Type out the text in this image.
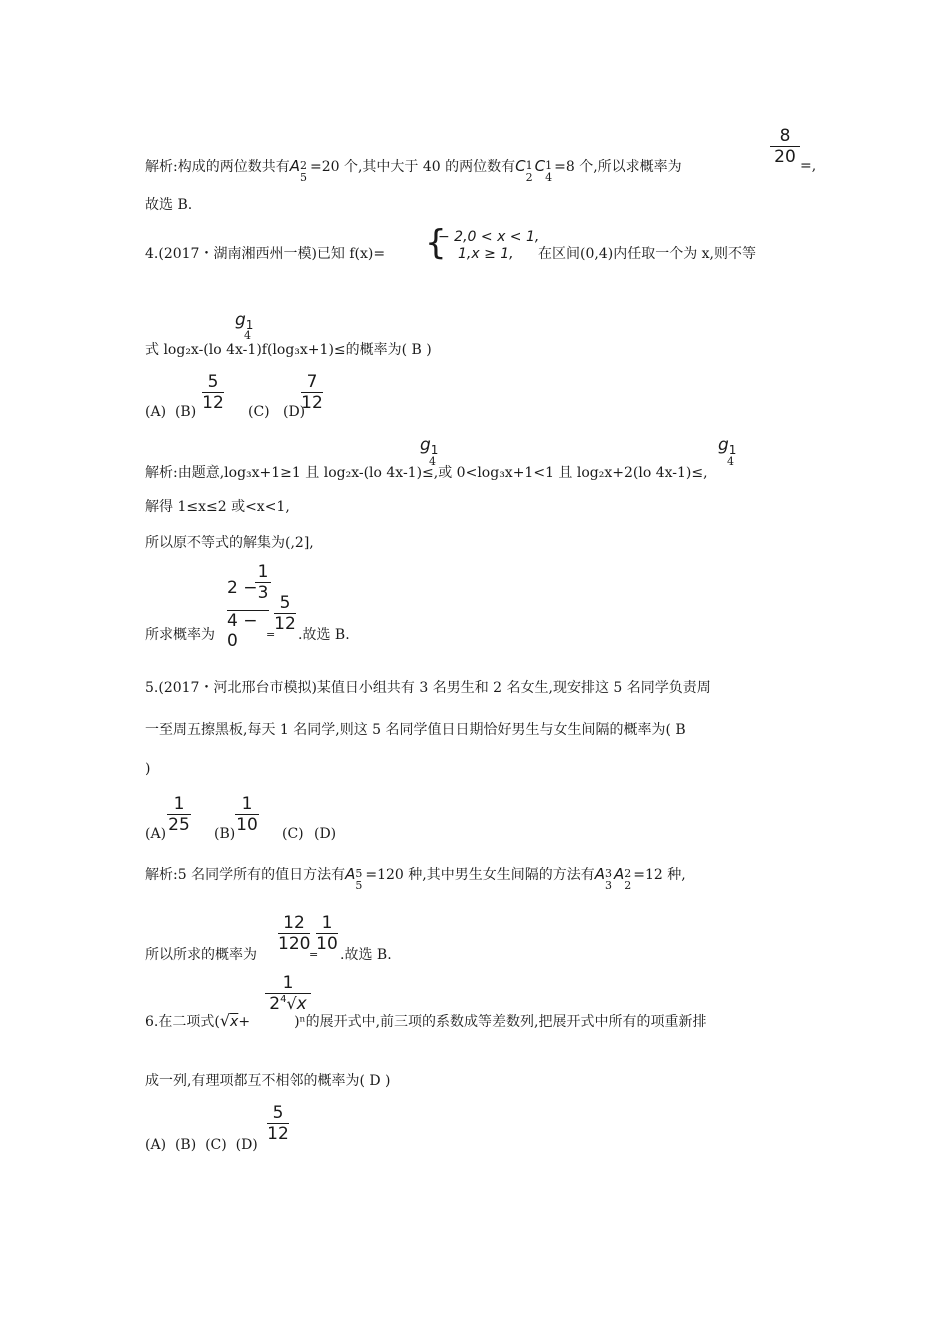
解析:构成的两位数共有A 2
5
=20 个,其中大于 40 的两位数有C 1
2
C 1
4
=8 个,所以求概率为	$\frac{8}{20}$ =,
故选 B.
4.(2017・湖南湘西州一模)已知 f(x)= {
− 2,0 < x < 1,
1,x ≥ 1, 在区间(0,4)内任取一个为 x,则不等
$g_1$
4
式 log₂x-(lo 4x-1)f(log₃x+1)≤的概率为( B )
(A) $(B) \frac{5}{12} (C)$ (D)
$\frac{7}{12}$
$g_1$
4
$g_1$
4
解析:由题意,log₃x+1≥1 且 log₂x-(lo 4x-1)≤,或 0<log₃x+1<1 且 log₂x+2(lo 4x-1)≤,
解得 1≤x≤2 或<x<1,
所以原不等式的解集为(,2],
2 −
$\frac{1}{3}$
4 − 0
$\frac{5}{12}$
所求概率为	= .故选 B.
5.(2017・河北邢台市模拟)某值日小组共有 3 名男生和 2 名女生,现安排这 5 名同学负责周
一至周五擦黑板,每天 1 名同学,则这 5 名同学值日日期恰好男生与女生间隔的概率为( B
)
$(A) \frac{1}{25} (B) \frac{1}{10} (C)$ (D)
解析:5 名同学所有的值日方法有A 5
5
=120 种,其中男生女生间隔的方法有A 3
3
A 2
2
=12 种,
$\frac{12}{120} \frac{1}{10}$
所以所求的概率为	= .故选 B.
6.在二项式(√x+	)ⁿ的展开式中,前三项的系数成等差数列,把展开式中所有的项重新排
$\frac{1}{2^4√x}$
成一列,有理项都互不相邻的概率为( D )
(A) (B) (C) (D)
$\frac{5}{12}$
